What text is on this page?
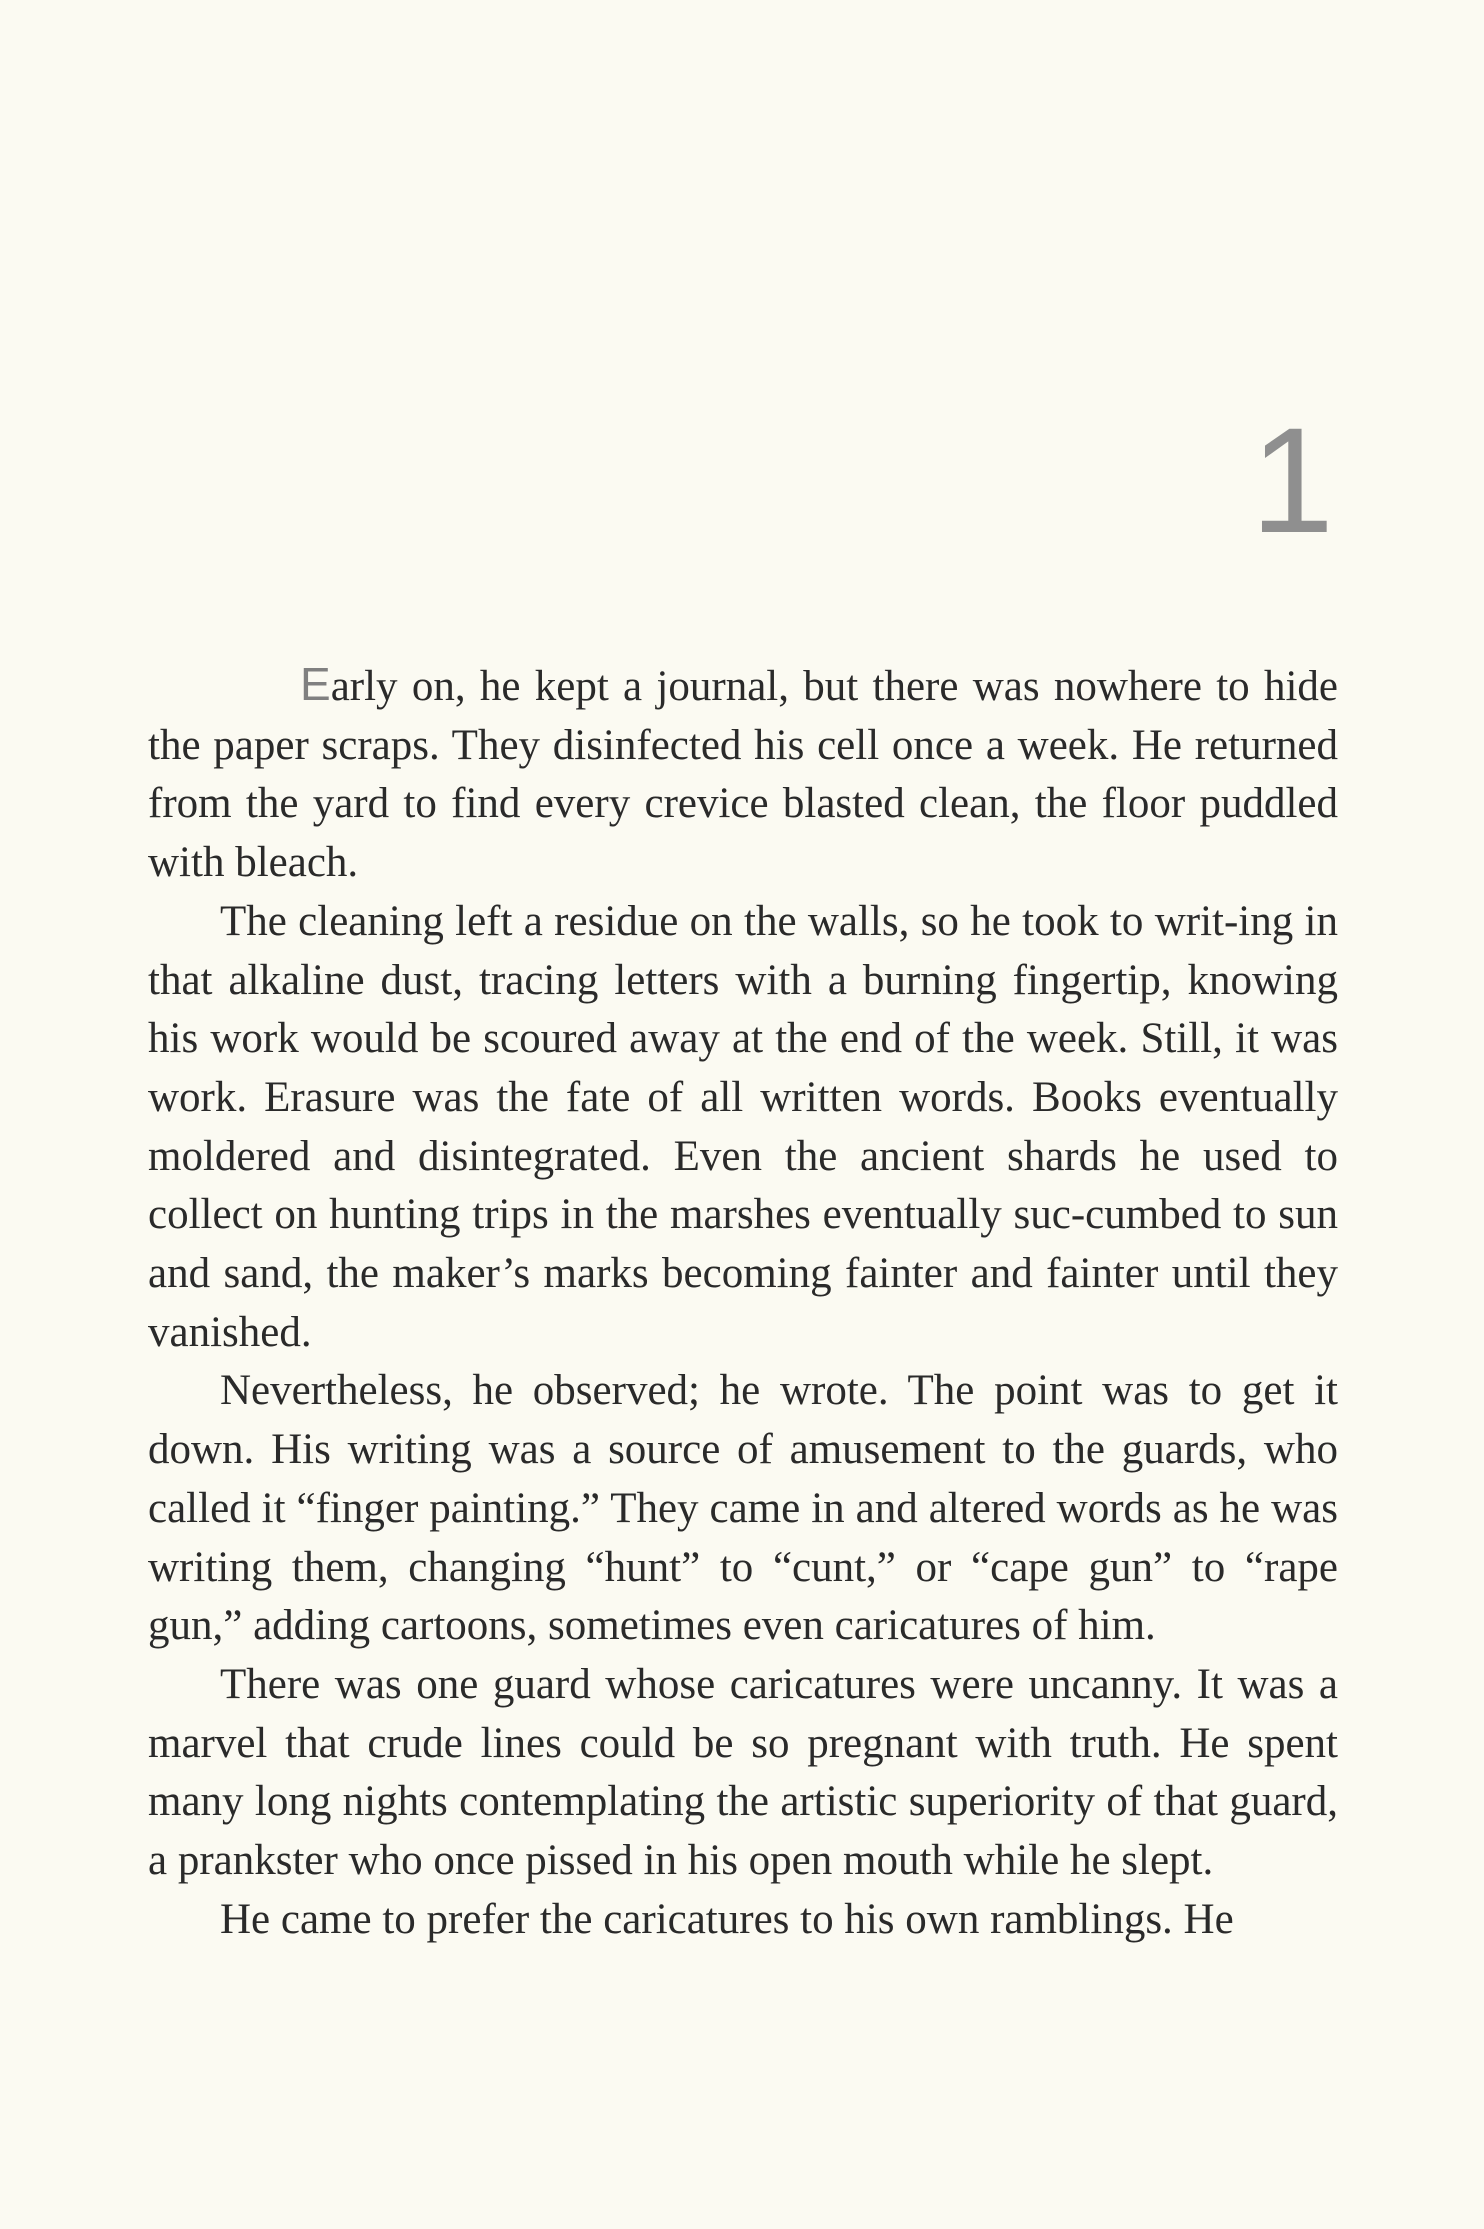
1

Early on, he kept a journal, but there was nowhere to hide the paper scraps. They disinfected his cell once a week. He returned from the yard to find every crevice blasted clean, the floor puddled with bleach.

The cleaning left a residue on the walls, so he took to writ-ing in that alkaline dust, tracing letters with a burning fingertip, knowing his work would be scoured away at the end of the week. Still, it was work. Erasure was the fate of all written words. Books eventually moldered and disintegrated. Even the ancient shards he used to collect on hunting trips in the marshes eventually suc-cumbed to sun and sand, the maker’s marks becoming fainter and fainter until they vanished.

Nevertheless, he observed; he wrote. The point was to get it down. His writing was a source of amusement to the guards, who called it “finger painting.” They came in and altered words as he was writing them, changing “hunt” to “cunt,” or “cape gun” to “rape gun,” adding cartoons, sometimes even caricatures of him.

There was one guard whose caricatures were uncanny. It was a marvel that crude lines could be so pregnant with truth. He spent many long nights contemplating the artistic superiority of that guard, a prankster who once pissed in his open mouth while he slept.

He came to prefer the caricatures to his own ramblings. He
